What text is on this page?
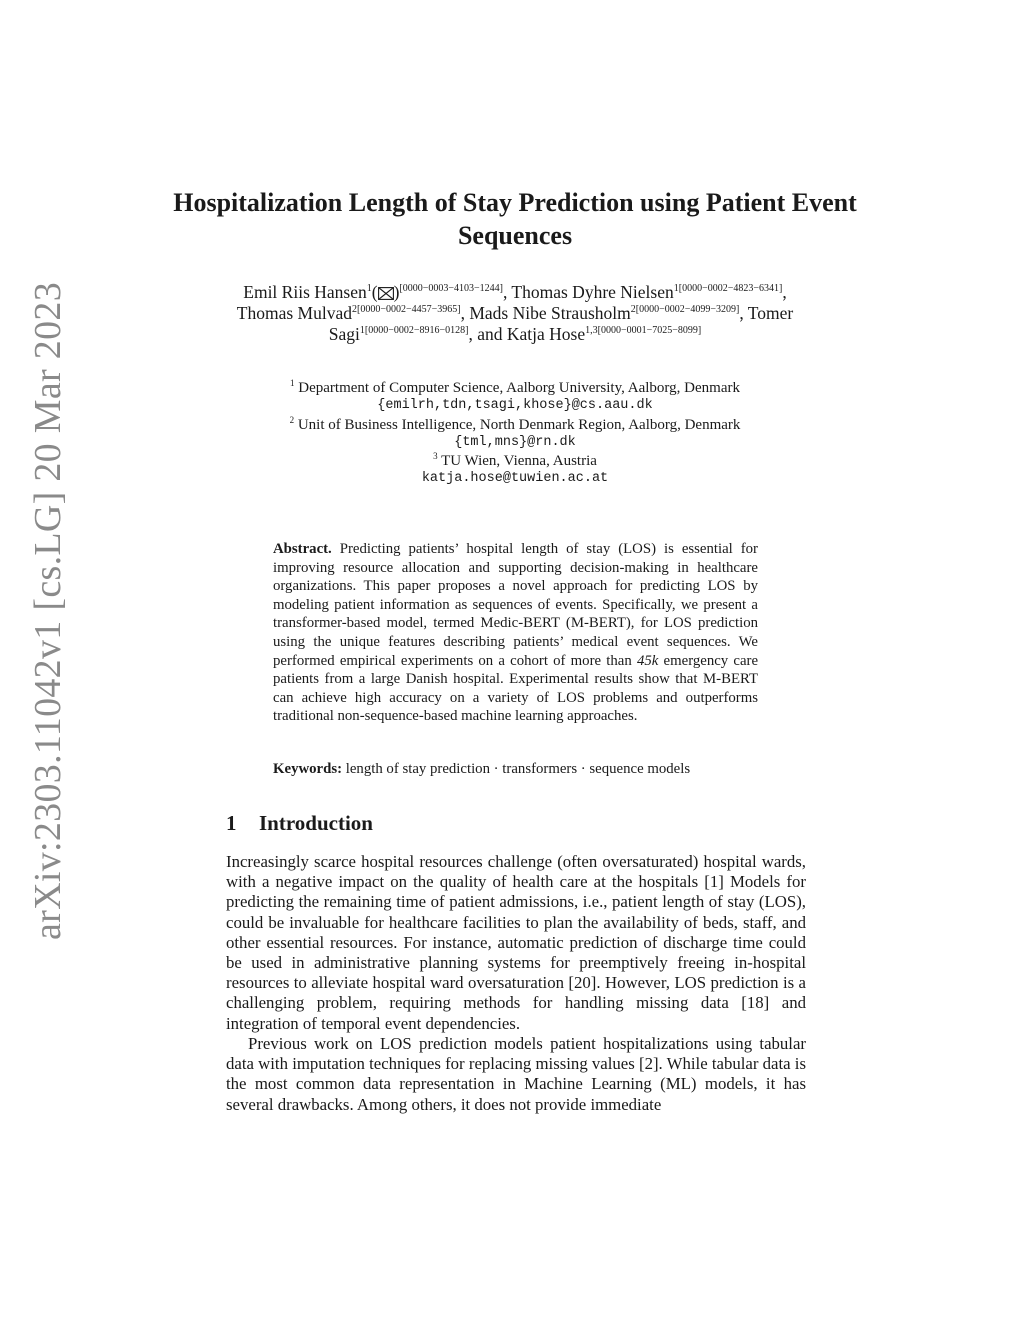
arXiv:2303.11042v1 [cs.LG] 20 Mar 2023
Hospitalization Length of Stay Prediction using Patient Event Sequences
Emil Riis Hansen$^1$( )[0000−0003−4103−1244], Thomas Dyhre Nielsen$^{1[0000-0002-4823-6341]}$, Thomas Mulvad$^{2[0000-0002-4457-3965]}$, Mads Nibe Strausholm$^{2[0000-0002-4099-3209]}$, Tomer Sagi$^{1[0000-0002-8916-0128]}$, and Katja Hose$^{1,3[0000-0001-7025-8099]}$
$^1$ Department of Computer Science, Aalborg University, Aalborg, Denmark
{emilrh,tdn,tsagi,khose}@cs.aau.dk
$^2$ Unit of Business Intelligence, North Denmark Region, Aalborg, Denmark
{tml,mns}@rn.dk
$^3$ TU Wien, Vienna, Austria
katja.hose@tuwien.ac.at
Abstract. Predicting patients’ hospital length of stay (LOS) is essential for improving resource allocation and supporting decision-making in healthcare organizations. This paper proposes a novel approach for predicting LOS by modeling patient information as sequences of events. Specifically, we present a transformer-based model, termed Medic-BERT (M-BERT), for LOS prediction using the unique features describing patients’ medical event sequences. We performed empirical experiments on a cohort of more than 45k emergency care patients from a large Danish hospital. Experimental results show that M-BERT can achieve high accuracy on a variety of LOS problems and outperforms traditional non-sequence-based machine learning approaches.
Keywords: length of stay prediction · transformers · sequence models
1 Introduction

Increasingly scarce hospital resources challenge (often oversaturated) hospital wards, with a negative impact on the quality of health care at the hospitals [1] Models for predicting the remaining time of patient admissions, i.e., patient length of stay (LOS), could be invaluable for healthcare facilities to plan the availability of beds, staff, and other essential resources. For instance, automatic prediction of discharge time could be used in administrative planning systems for preemptively freeing in-hospital resources to alleviate hospital ward oversaturation [20]. However, LOS prediction is a challenging problem, requiring methods for handling missing data [18] and integration of temporal event dependencies.

Previous work on LOS prediction models patient hospitalizations using tabular data with imputation techniques for replacing missing values [2]. While tabular data is the most common data representation in Machine Learning (ML) models, it has several drawbacks. Among others, it does not provide immediate
